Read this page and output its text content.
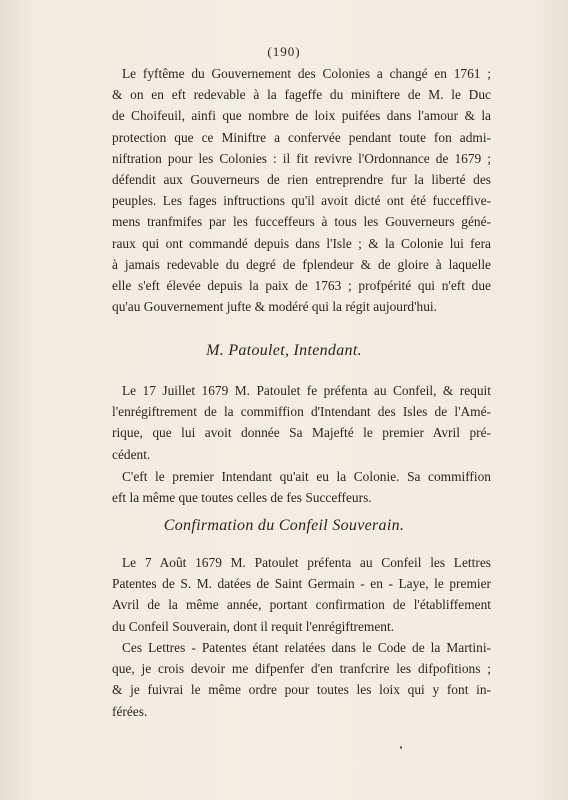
(190)
Le fyftême du Gouvernement des Colonies a changé en 1761 ;
& on en eft redevable à la fageffe du miniftere de M. le Duc
de Choifeuil, ainfi que nombre de loix puifées dans l'amour & la
protection que ce Miniftre a confervée pendant toute fon admi-
niftration pour les Colonies : il fit revivre l'Ordonnance de 1679 ;
défendit aux Gouverneurs de rien entreprendre fur la liberté des
peuples. Les fages inftructions qu'il avoit dicté ont été fucceffive-
mens tranfmifes par les fucceffeurs à tous les Gouverneurs géné-
raux qui ont commandé depuis dans l'Isle ; & la Colonie lui fera
à jamais redevable du degré de fplendeur & de gloire à laquelle
elle s'eft élevée depuis la paix de 1763 ; profpérité qui n'eft due
qu'au Gouvernement jufte & modéré qui la régit aujourd'hui.
M. Patoulet, Intendant.
Le 17 Juillet 1679 M. Patoulet fe préfenta au Confeil, & requit
l'enrégiftrement de la commiffion d'Intendant des Isles de l'Amé-
rique, que lui avoit donnée Sa Majefté le premier Avril pré-
cédent.
C'eft le premier Intendant qu'ait eu la Colonie. Sa commiffion
eft la même que toutes celles de fes Succeffeurs.
Confirmation du Confeil Souverain.
Le 7 Août 1679 M. Patoulet préfenta au Confeil les Lettres
Patentes de S. M. datées de Saint Germain - en - Laye, le premier
Avril de la même année, portant confirmation de l'établiffement
du Confeil Souverain, dont il requit l'enrégiftrement.
Ces Lettres - Patentes étant relatées dans le Code de la Martini-
que, je crois devoir me difpenfer d'en tranfcrire les difpofitions ;
& je fuivrai le même ordre pour toutes les loix qui y font in-
férées.
